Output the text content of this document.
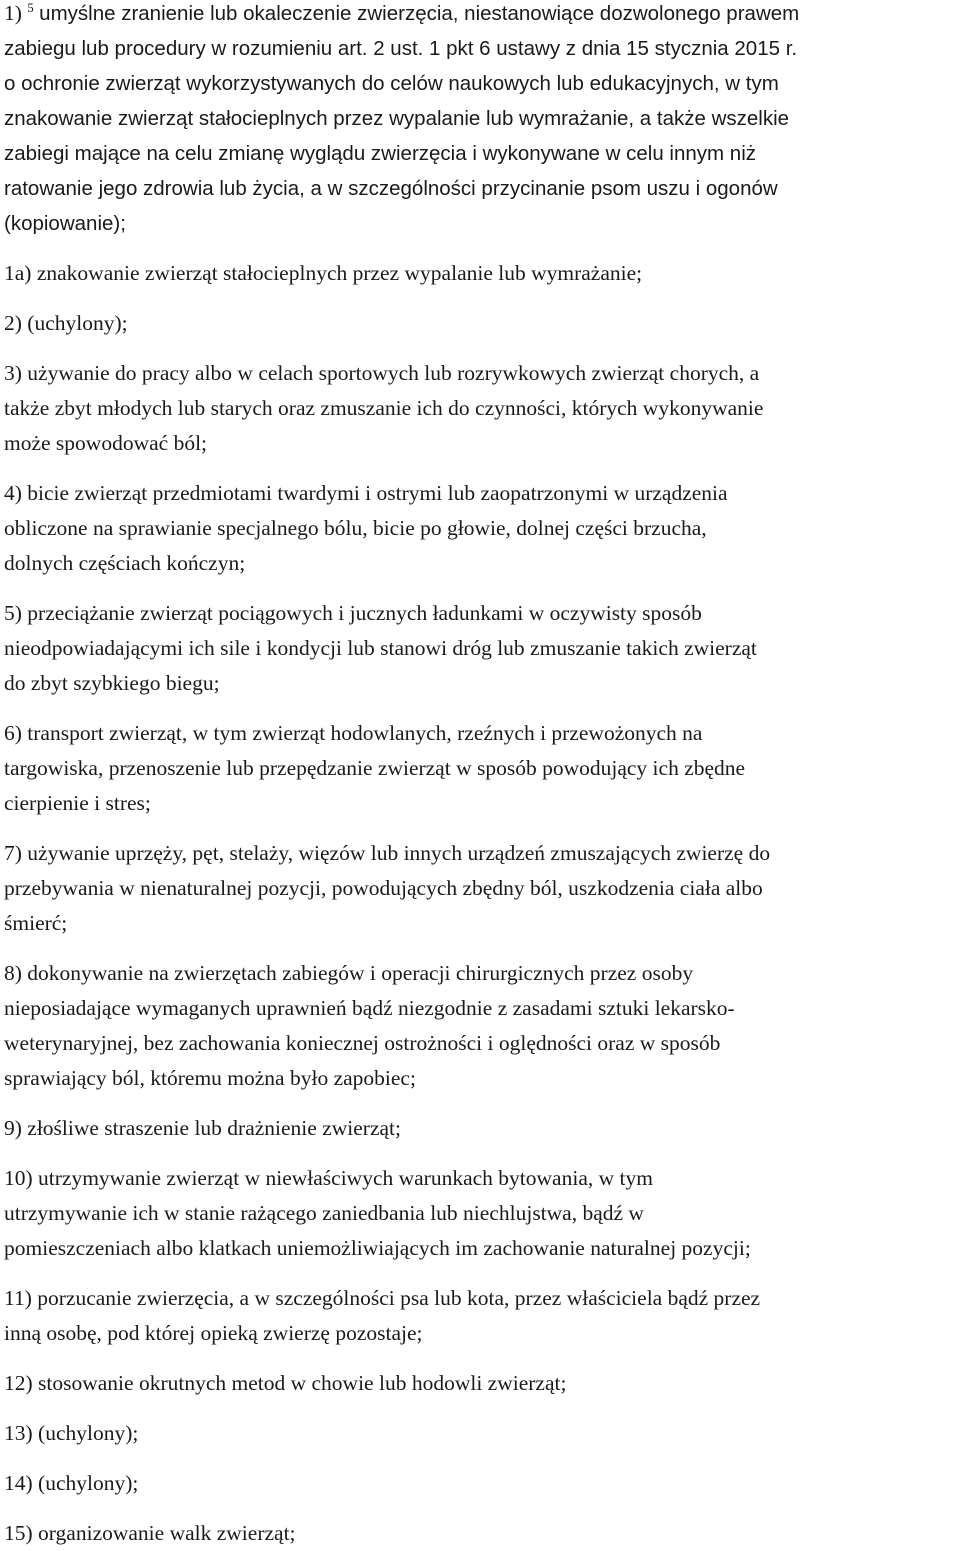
1) $^5$ umyślne zranienie lub okaleczenie zwierzęcia, niestanowiące dozwolonego prawem
zabiegu lub procedury w rozumieniu art. 2 ust. 1 pkt 6 ustawy z dnia 15 stycznia 2015 r.
o ochronie zwierząt wykorzystywanych do celów naukowych lub edukacyjnych, w tym
znakowanie zwierząt stałocieplnych przez wypalanie lub wymrażanie, a także wszelkie
zabiegi mające na celu zmianę wyglądu zwierzęcia i wykonywane w celu innym niż
ratowanie jego zdrowia lub życia, a w szczególności przycinanie psom uszu i ogonów
(kopiowanie);

1a) znakowanie zwierząt stałocieplnych przez wypalanie lub wymrażanie;

2) (uchylony);

3) używanie do pracy albo w celach sportowych lub rozrywkowych zwierząt chorych, a
także zbyt młodych lub starych oraz zmuszanie ich do czynności, których wykonywanie
może spowodować ból;

4) bicie zwierząt przedmiotami twardymi i ostrymi lub zaopatrzonymi w urządzenia
obliczone na sprawianie specjalnego bólu, bicie po głowie, dolnej części brzucha,
dolnych częściach kończyn;

5) przeciążanie zwierząt pociągowych i jucznych ładunkami w oczywisty sposób
nieodpowiadającymi ich sile i kondycji lub stanowi dróg lub zmuszanie takich zwierząt
do zbyt szybkiego biegu;

6) transport zwierząt, w tym zwierząt hodowlanych, rzeźnych i przewożonych na
targowiska, przenoszenie lub przepędzanie zwierząt w sposób powodujący ich zbędne
cierpienie i stres;

7) używanie uprzęży, pęt, stelaży, więzów lub innych urządzeń zmuszających zwierzę do
przebywania w nienaturalnej pozycji, powodujących zbędny ból, uszkodzenia ciała albo
śmierć;

8) dokonywanie na zwierzętach zabiegów i operacji chirurgicznych przez osoby
nieposiadające wymaganych uprawnień bądź niezgodnie z zasadami sztuki lekarsko-
weterynaryjnej, bez zachowania koniecznej ostrożności i oględności oraz w sposób
sprawiający ból, któremu można było zapobiec;

9) złośliwe straszenie lub drażnienie zwierząt;

10) utrzymywanie zwierząt w niewłaściwych warunkach bytowania, w tym
utrzymywanie ich w stanie rażącego zaniedbania lub niechlujstwa, bądź w
pomieszczeniach albo klatkach uniemożliwiających im zachowanie naturalnej pozycji;

11) porzucanie zwierzęcia, a w szczególności psa lub kota, przez właściciela bądź przez
inną osobę, pod której opieką zwierzę pozostaje;

12) stosowanie okrutnych metod w chowie lub hodowli zwierząt;

13) (uchylony);

14) (uchylony);

15) organizowanie walk zwierząt;
